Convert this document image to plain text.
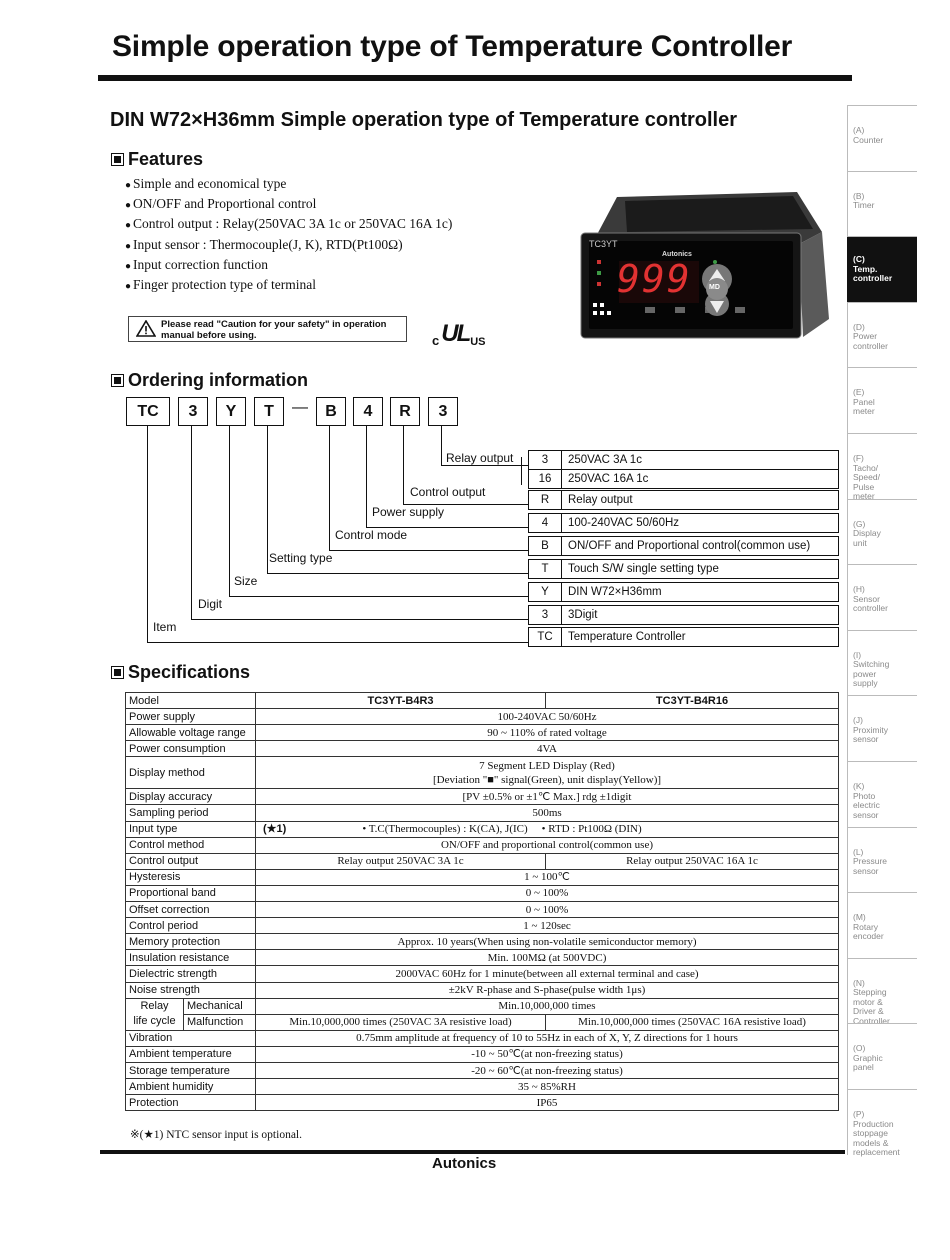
Simple operation type of Temperature Controller
DIN W72×H36mm Simple operation type of Temperature controller
Features
● Simple and economical type
● ON/OFF and Proportional control
● Control output : Relay(250VAC 3A 1c or 250VAC 16A 1c)
● Input sensor : Thermocouple(J, K), RTD(Pt100Ω)
● Input correction function
● Finger protection type of terminal
Please read "Caution for your safety" in operation
manual before using.	c UL US
TC3YT
Autonics
999 MD
Ordering information
TC	3	Y	T	—	B	4	R	3
Relay output
Control output
Power supply
Control mode
Setting type
Size
Digit
Item
3	250VAC 3A 1c
16	250VAC 16A 1c
R	Relay output
4	100-240VAC 50/60Hz
B	ON/OFF and Proportional control(common use)
T	Touch S/W single setting type
Y	DIN W72×H36mm
3	3Digit
TC	Temperature Controller
Specifications
Model		TC3YT-B4R3	TC3YT-B4R16
Power supply		100-240VAC 50/60Hz	
Allowable voltage range		90 ~ 110% of rated voltage	
Power consumption		4VA	
Display method		7 Segment LED Display (Red)
[Deviation "■" signal(Green), unit display(Yellow)]	

Display accuracy		[PV ±0.5% or ±1℃ Max.] rdg ±1digit	
Sampling period		500ms	
Input type		(★1) • T.C(Thermocouples) : K(CA), J(IC) • RTD : Pt100Ω (DIN)	
Control method		ON/OFF and proportional control(common use)	
Control output		Relay output 250VAC 3A 1c	Relay output 250VAC 16A 1c
Hysteresis		1 ~ 100℃	
Proportional band		0 ~ 100%	
Offset correction		0 ~ 100%	
Control period		1 ~ 120sec	
Memory protection		Approx. 10 years(When using non-volatile semiconductor memory)	
Insulation resistance		Min. 100MΩ (at 500VDC)	
Dielectric strength		2000VAC 60Hz for 1 minute(between all external terminal and case)	
Noise strength		±2kV R-phase and S-phase(pulse width 1μs)	

Relay
life cycle	Mechanical	Min.10,000,000 times	
	Malfunction	Min.10,000,000 times (250VAC 3A resistive load)	Min.10,000,000 times (250VAC 16A resistive load)
Vibration		0.75mm amplitude at frequency of 10 to 55Hz in each of X, Y, Z directions for 1 hours	
Ambient temperature		-10 ~ 50℃(at non-freezing status)	
Storage temperature		-20 ~ 60℃(at non-freezing status)	
Ambient humidity		35 ~ 85%RH	
Protection		IP65	
※(★1) NTC sensor input is optional.
Autonics
(A)
Counter
(B)
Timer
(C)
Temp.
controller
(D)
Power
controller
(E)
Panel
meter
(F)
Tacho/
Speed/
Pulse
meter
(G)
Display
unit
(H)
Sensor
controller
(I)
Switching
power
supply
(J)
Proximity
sensor
(K)
Photo
electric
sensor
(L)
Pressure
sensor
(M)
Rotary
encoder
(N)
Stepping
motor &
Driver &
Controller
(O)
Graphic
panel
(P)
Production
stoppage
models &
replacement
